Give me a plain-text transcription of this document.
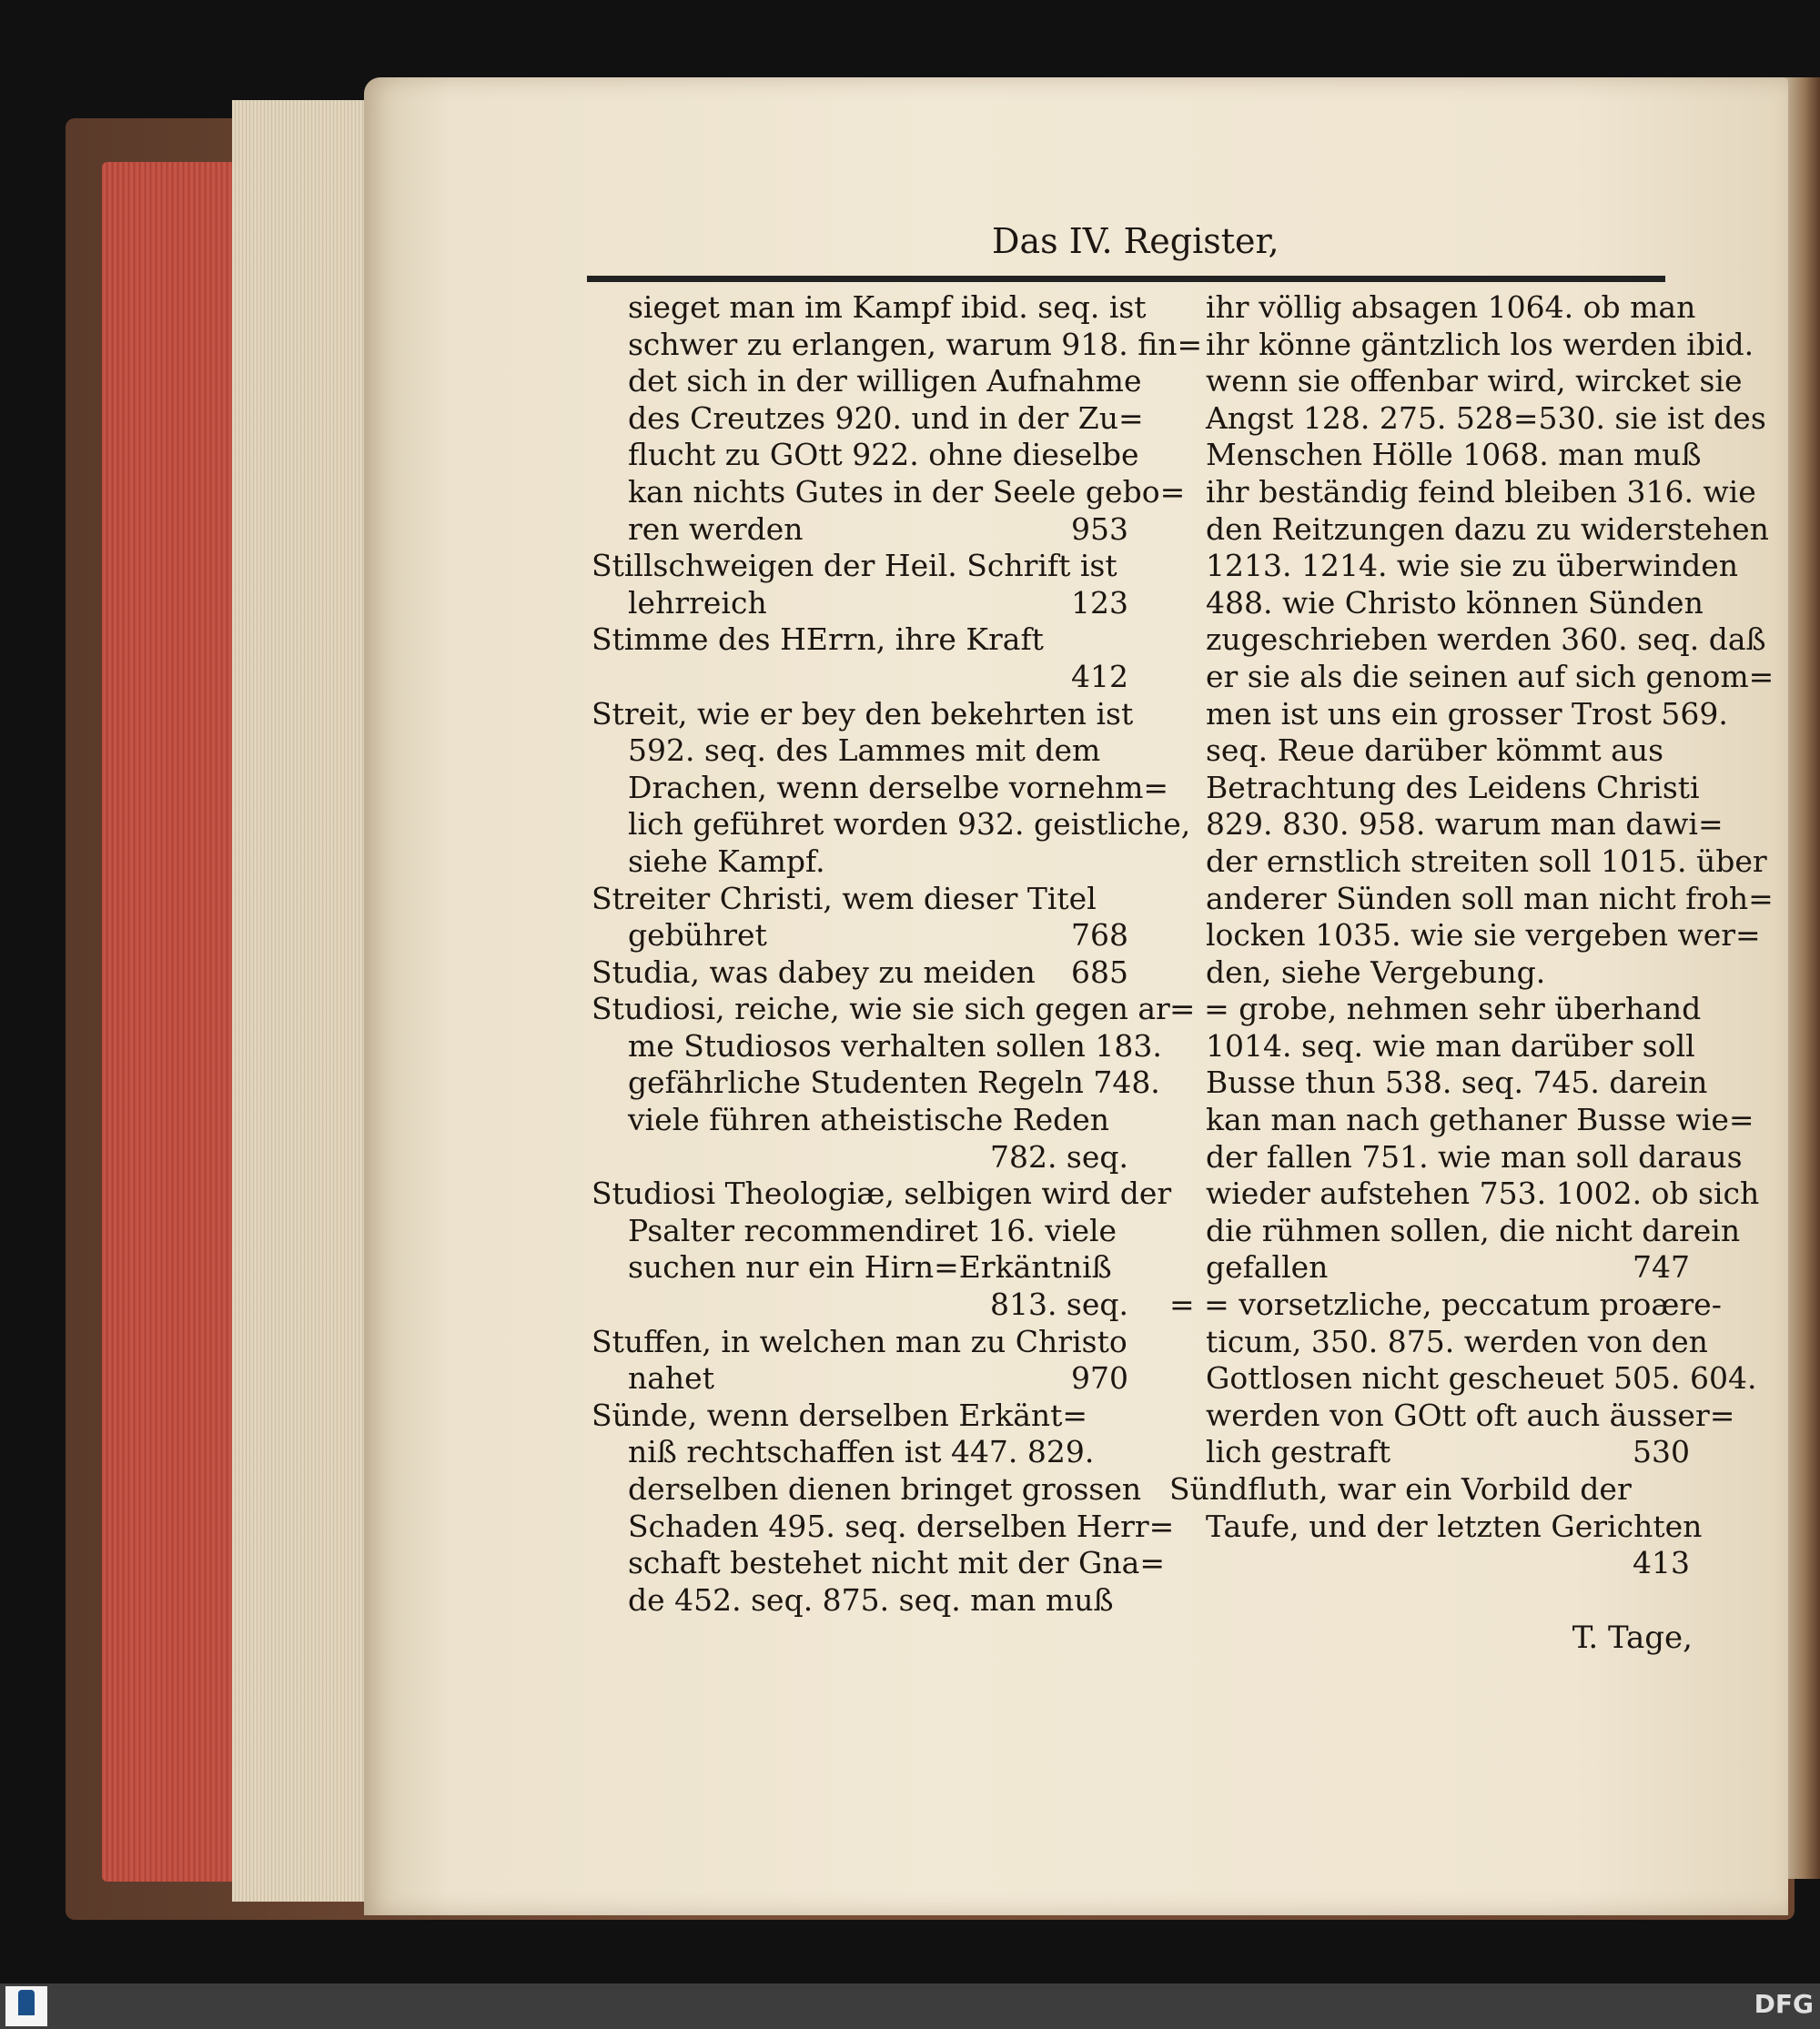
Das IV. Register,
sieget man im Kampf ibid. seq. ist
schwer zu erlangen, warum 918. fin=
det sich in der willigen Aufnahme
des Creutzes 920. und in der Zu=
flucht zu GOtt 922. ohne dieselbe
kan nichts Gutes in der Seele gebo=
ren werden	953
Stillschweigen der Heil. Schrift ist
lehrreich	123
Stimme des HErrn, ihre Kraft
412
Streit, wie er bey den bekehrten ist
592. seq. des Lammes mit dem
Drachen, wenn derselbe vornehm=
lich geführet worden 932. geistliche,
siehe Kampf.
Streiter Christi, wem dieser Titel
gebühret	768
Studia, was dabey zu meiden 685
Studiosi, reiche, wie sie sich gegen ar=
me Studiosos verhalten sollen 183.
gefährliche Studenten Regeln 748.
viele führen atheistische Reden
782. seq.
Studiosi Theologiæ, selbigen wird der
Psalter recommendiret 16. viele
suchen nur ein Hirn=Erkäntniß
813. seq.
Stuffen, in welchen man zu Christo
nahet	970
Sünde, wenn derselben Erkänt=
niß rechtschaffen ist 447. 829.
derselben dienen bringet grossen
Schaden 495. seq. derselben Herr=
schaft bestehet nicht mit der Gna=
de 452. seq. 875. seq. man muß
ihr völlig absagen 1064. ob man
ihr könne gäntzlich los werden ibid.
wenn sie offenbar wird, wircket sie
Angst 128. 275. 528=530. sie ist des
Menschen Hölle 1068. man muß
ihr beständig feind bleiben 316. wie
den Reitzungen dazu zu widerstehen
1213. 1214. wie sie zu überwinden
488. wie Christo können Sünden
zugeschrieben werden 360. seq. daß
er sie als die seinen auf sich genom=
men ist uns ein grosser Trost 569.
seq. Reue darüber kömmt aus
Betrachtung des Leidens Christi
829. 830. 958. warum man dawi=
der ernstlich streiten soll 1015. über
anderer Sünden soll man nicht froh=
locken 1035. wie sie vergeben wer=
den, siehe Vergebung.
= = grobe, nehmen sehr überhand
1014. seq. wie man darüber soll
Busse thun 538. seq. 745. darein
kan man nach gethaner Busse wie=
der fallen 751. wie man soll daraus
wieder aufstehen 753. 1002. ob sich
die rühmen sollen, die nicht darein
gefallen	747
= = vorsetzliche, peccatum proære-
ticum, 350. 875. werden von den
Gottlosen nicht gescheuet 505. 604.
werden von GOtt oft auch äusser=
lich gestraft	530
Sündfluth, war ein Vorbild der
Taufe, und der letzten Gerichten
413
T. Tage,
DFG
